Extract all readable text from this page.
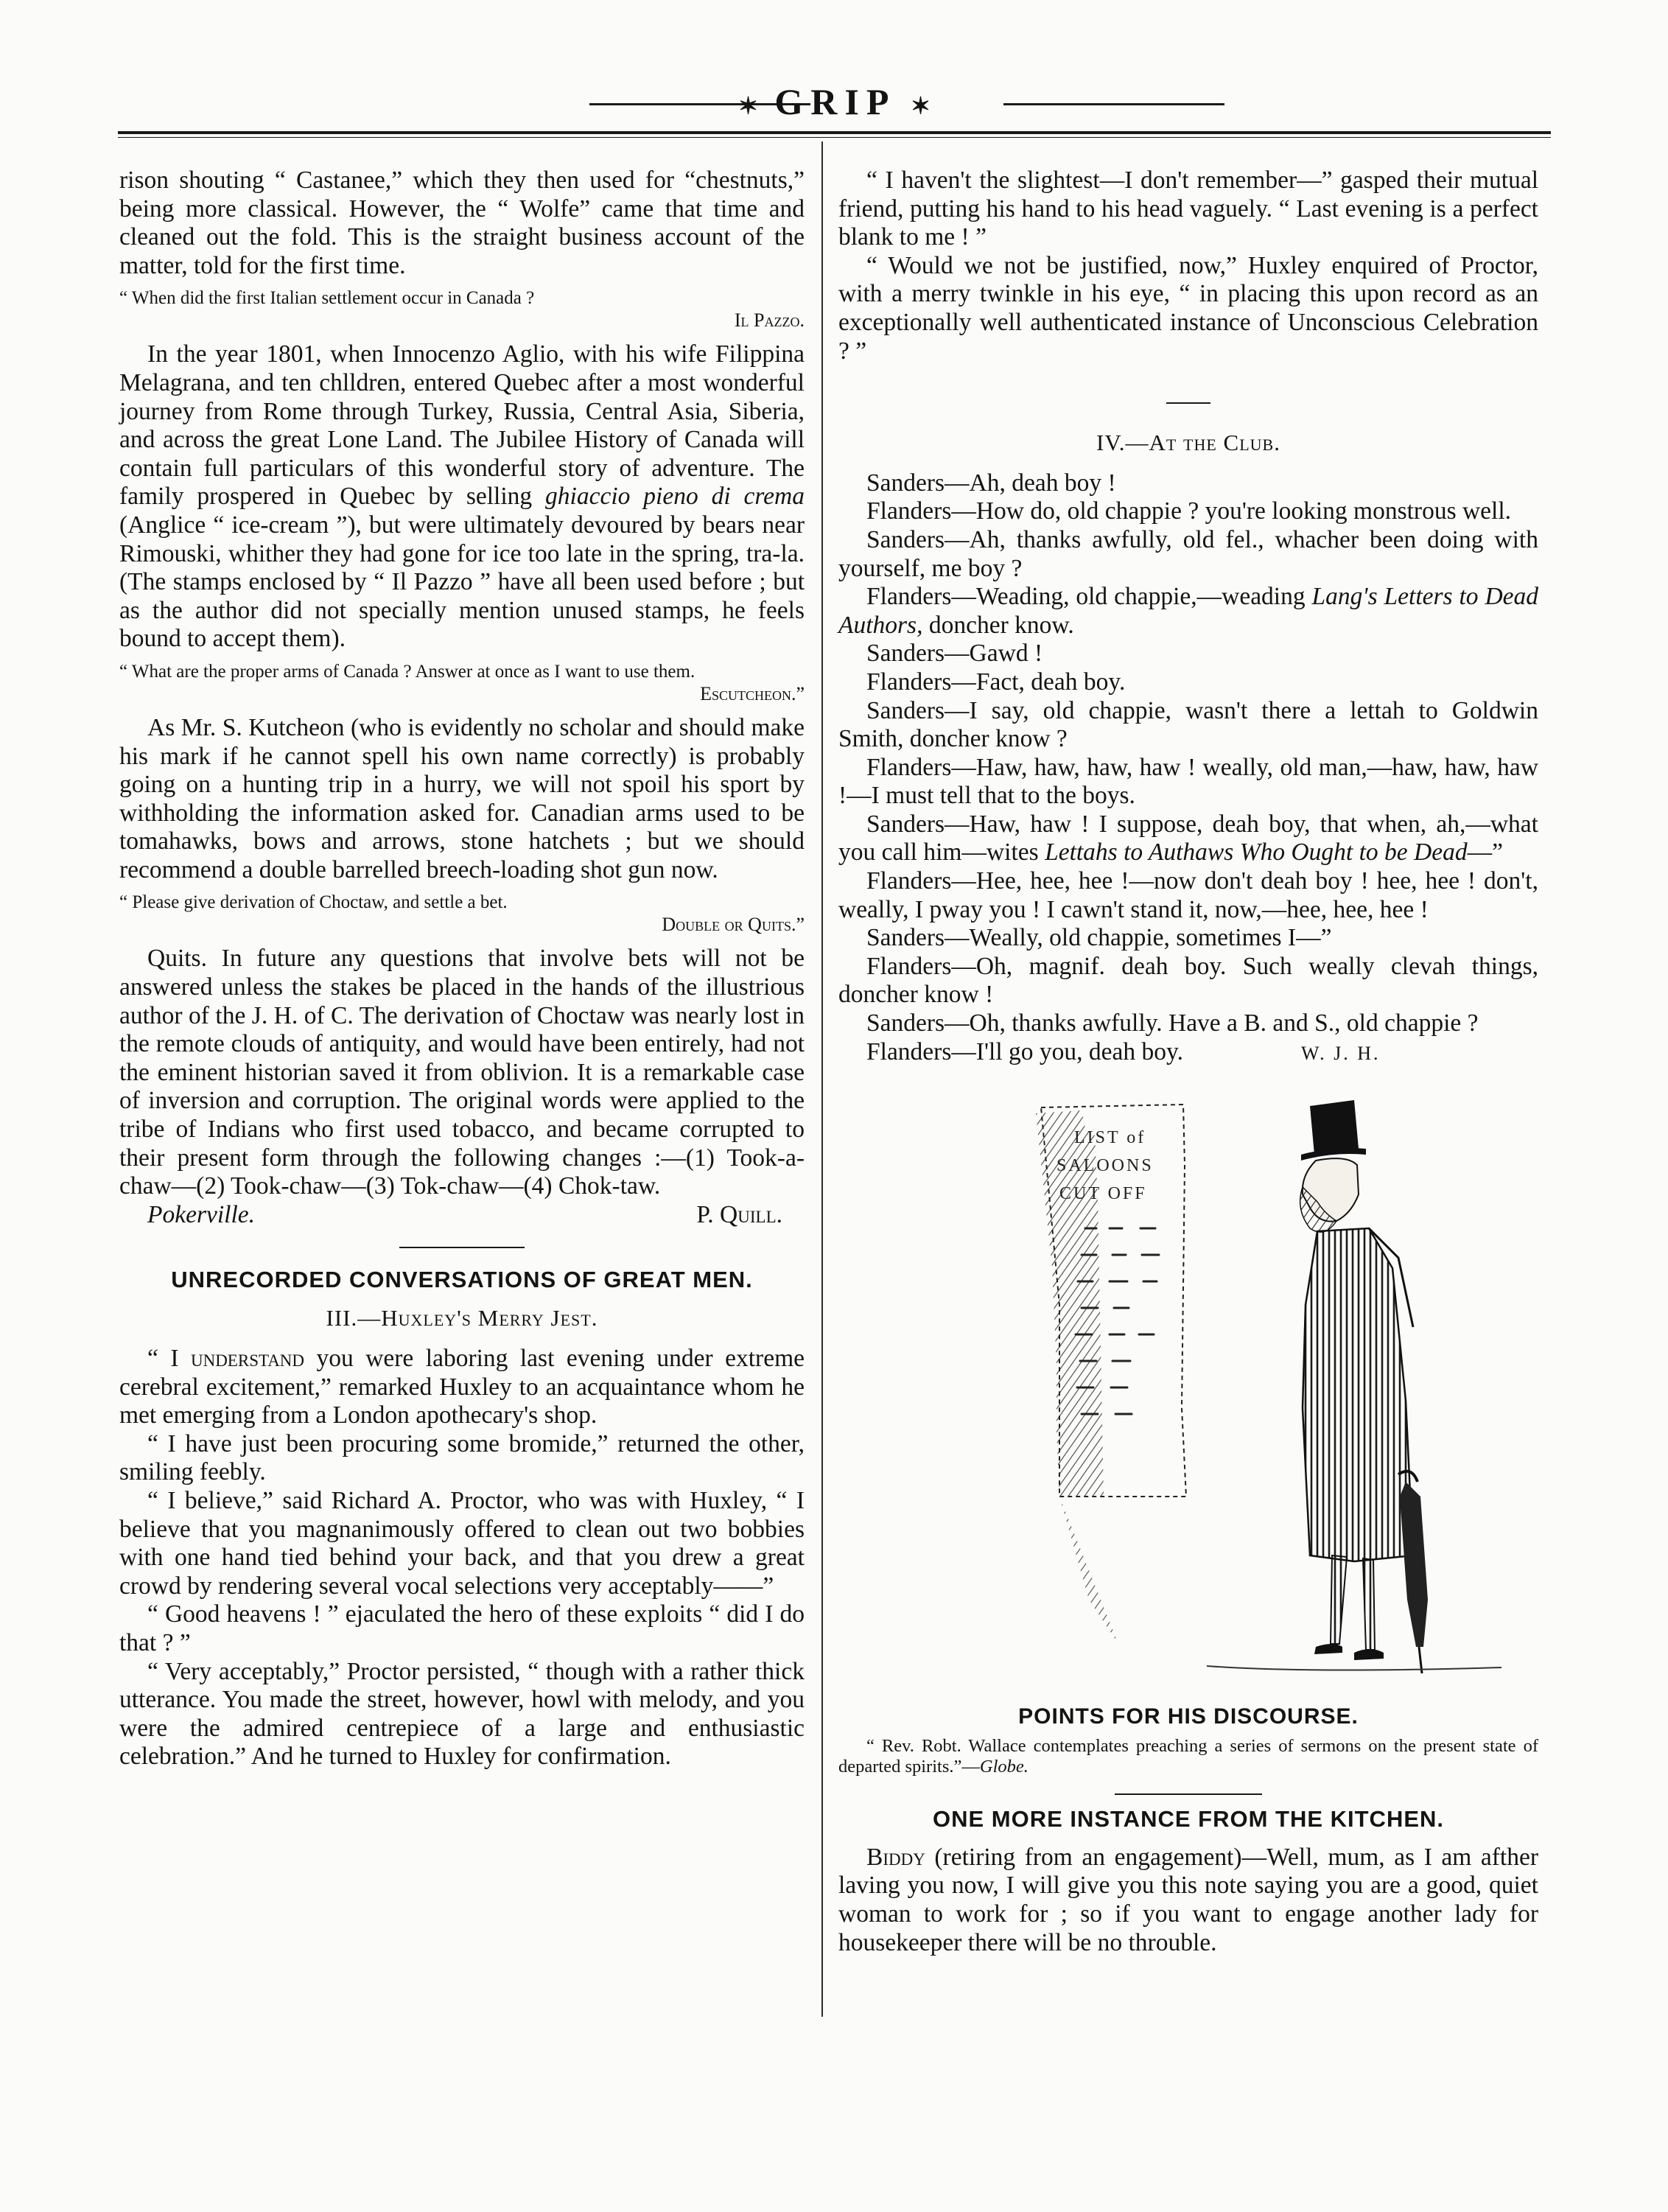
✶ GRIP ✶

rison shouting “ Castanee,” which they then used for “chestnuts,” being more classical. However, the “ Wolfe” came that time and cleaned out the fold. This is the straight business account of the matter, told for the first time.

“ When did the first Italian settlement occur in Canada ?
Il Pazzo.

In the year 1801, when Innocenzo Aglio, with his wife Filippina Melagrana, and ten chlldren, entered Quebec after a most wonderful journey from Rome through Turkey, Russia, Central Asia, Siberia, and across the great Lone Land. The Jubilee History of Canada will contain full particulars of this wonderful story of adventure. The family prospered in Quebec by selling ghiaccio pieno di crema (Anglice “ ice-cream ”), but were ultimately devoured by bears near Rimouski, whither they had gone for ice too late in the spring, tra-la. (The stamps enclosed by “ Il Pazzo ” have all been used before ; but as the author did not specially mention unused stamps, he feels bound to accept them).

“ What are the proper arms of Canada ? Answer at once as I want to use them.
Escutcheon.”

As Mr. S. Kutcheon (who is evidently no scholar and should make his mark if he cannot spell his own name correctly) is probably going on a hunting trip in a hurry, we will not spoil his sport by withholding the information asked for. Canadian arms used to be tomahawks, bows and arrows, stone hatchets ; but we should recommend a double barrelled breech-loading shot gun now.

“ Please give derivation of Choctaw, and settle a bet.
Double or Quits.”

Quits. In future any questions that involve bets will not be answered unless the stakes be placed in the hands of the illustrious author of the J. H. of C. The derivation of Choctaw was nearly lost in the remote clouds of antiquity, and would have been entirely, had not the eminent historian saved it from oblivion. It is a remarkable case of inversion and corruption. The original words were applied to the tribe of Indians who first used tobacco, and became corrupted to their present form through the following changes :—(1) Took-a-chaw—(2) Took-chaw—(3) Tok-chaw—(4) Chok-taw.

Pokerville.	P. Quill.
UNRECORDED CONVERSATIONS OF GREAT MEN.
III.—Huxley's Merry Jest.

“ I understand you were laboring last evening under extreme cerebral excitement,” remarked Huxley to an acquaintance whom he met emerging from a London apothecary's shop.

“ I have just been procuring some bromide,” returned the other, smiling feebly.

“ I believe,” said Richard A. Proctor, who was with Huxley, “ I believe that you magnanimously offered to clean out two bobbies with one hand tied behind your back, and that you drew a great crowd by rendering several vocal selections very acceptably——”

“ Good heavens ! ” ejaculated the hero of these exploits “ did I do that ? ”

“ Very acceptably,” Proctor persisted, “ though with a rather thick utterance. You made the street, however, howl with melody, and you were the admired centrepiece of a large and enthusiastic celebration.” And he turned to Huxley for confirmation.

“ I haven't the slightest—I don't remember—” gasped their mutual friend, putting his hand to his head vaguely. “ Last evening is a perfect blank to me ! ”

“ Would we not be justified, now,” Huxley enquired of Proctor, with a merry twinkle in his eye, “ in placing this upon record as an exceptionally well authenticated instance of Unconscious Celebration ? ”

IV.—At the Club.

Sanders—Ah, deah boy !

Flanders—How do, old chappie ? you're looking monstrous well.

Sanders—Ah, thanks awfully, old fel., whacher been doing with yourself, me boy ?

Flanders—Weading, old chappie,—weading Lang's Letters to Dead Authors, doncher know.

Sanders—Gawd !

Flanders—Fact, deah boy.

Sanders—I say, old chappie, wasn't there a lettah to Goldwin Smith, doncher know ?

Flanders—Haw, haw, haw, haw ! weally, old man,—haw, haw, haw !—I must tell that to the boys.

Sanders—Haw, haw ! I suppose, deah boy, that when, ah,—what you call him—wites Lettahs to Authaws Who Ought to be Dead—”

Flanders—Hee, hee, hee !—now don't deah boy ! hee, hee ! don't, weally, I pway you ! I cawn't stand it, now,—hee, hee, hee !

Sanders—Weally, old chappie, sometimes I—”

Flanders—Oh, magnif. deah boy. Such weally clevah things, doncher know !

Sanders—Oh, thanks awfully. Have a B. and S., old chappie ?

Flanders—I'll go you, deah boy.	W. J. H.

LIST of
SALOONS
CUT OFF
POINTS FOR HIS DISCOURSE.

“ Rev. Robt. Wallace contemplates preaching a series of sermons on the present state of departed spirits.”—Globe.

ONE MORE INSTANCE FROM THE KITCHEN.

Biddy (retiring from an engagement)—Well, mum, as I am afther laving you now, I will give you this note saying you are a good, quiet woman to work for ; so if you want to engage another lady for housekeeper there will be no throuble.
